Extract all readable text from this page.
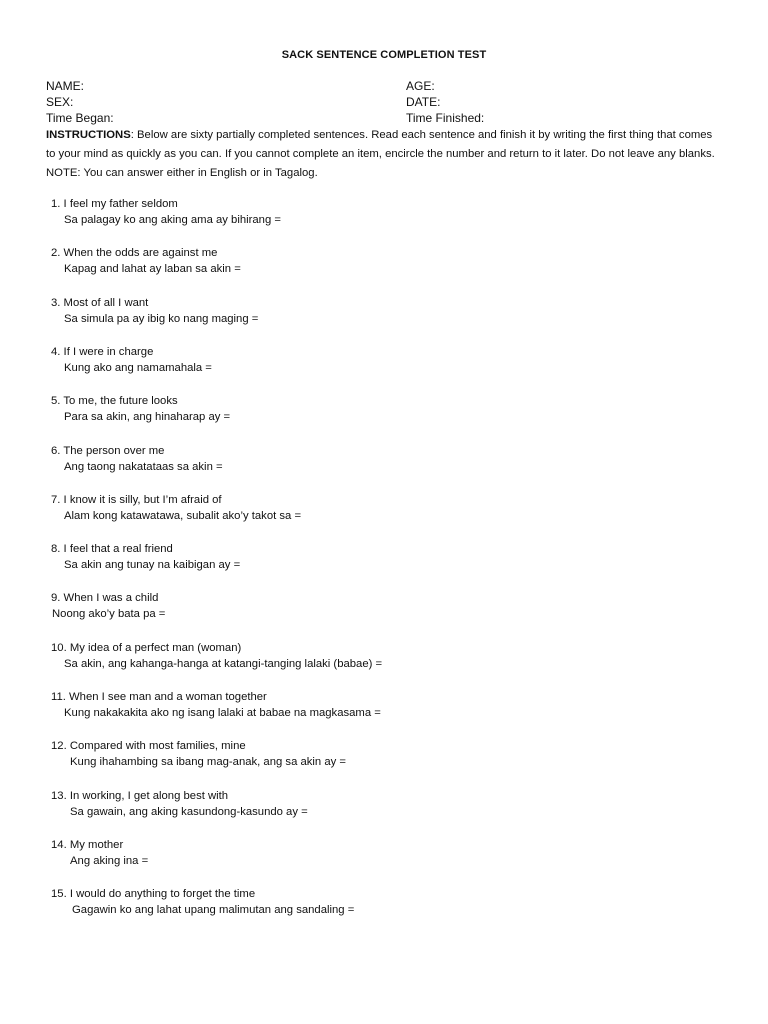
SACK SENTENCE COMPLETION TEST
NAME:	AGE:
SEX:	DATE:
Time Began:	Time Finished:
INSTRUCTIONS: Below are sixty partially completed sentences. Read each sentence and finish it by writing the first thing that comes to your mind as quickly as you can. If you cannot complete an item, encircle the number and return to it later. Do not leave any blanks. NOTE: You can answer either in English or in Tagalog.
1. I feel my father seldom
Sa palagay ko ang aking ama ay bihirang =
2. When the odds are against me
Kapag and lahat ay laban sa akin =
3. Most of all I want
Sa simula pa ay ibig ko nang maging =
4. If I were in charge
Kung ako ang namamahala =
5. To me, the future looks
Para sa akin, ang hinaharap ay =
6. The person over me
Ang taong nakatataas sa akin =
7. I know it is silly, but I’m afraid of
Alam kong katawatawa, subalit ako’y takot sa =
8. I feel that a real friend
Sa akin ang tunay na kaibigan ay =
9. When I was a child
Noong ako’y bata pa =
10. My idea of a perfect man (woman)
Sa akin, ang kahanga-hanga at katangi-tanging lalaki (babae) =
11. When I see man and a woman together
Kung nakakakita ako ng isang lalaki at babae na magkasama =
12. Compared with most families, mine
Kung ihahambing sa ibang mag-anak, ang sa akin ay =
13. In working, I get along best with
Sa gawain, ang aking kasundong-kasundo ay =
14. My mother
Ang aking ina =
15. I would do anything to forget the time
Gagawin ko ang lahat upang malimutan ang sandaling =
